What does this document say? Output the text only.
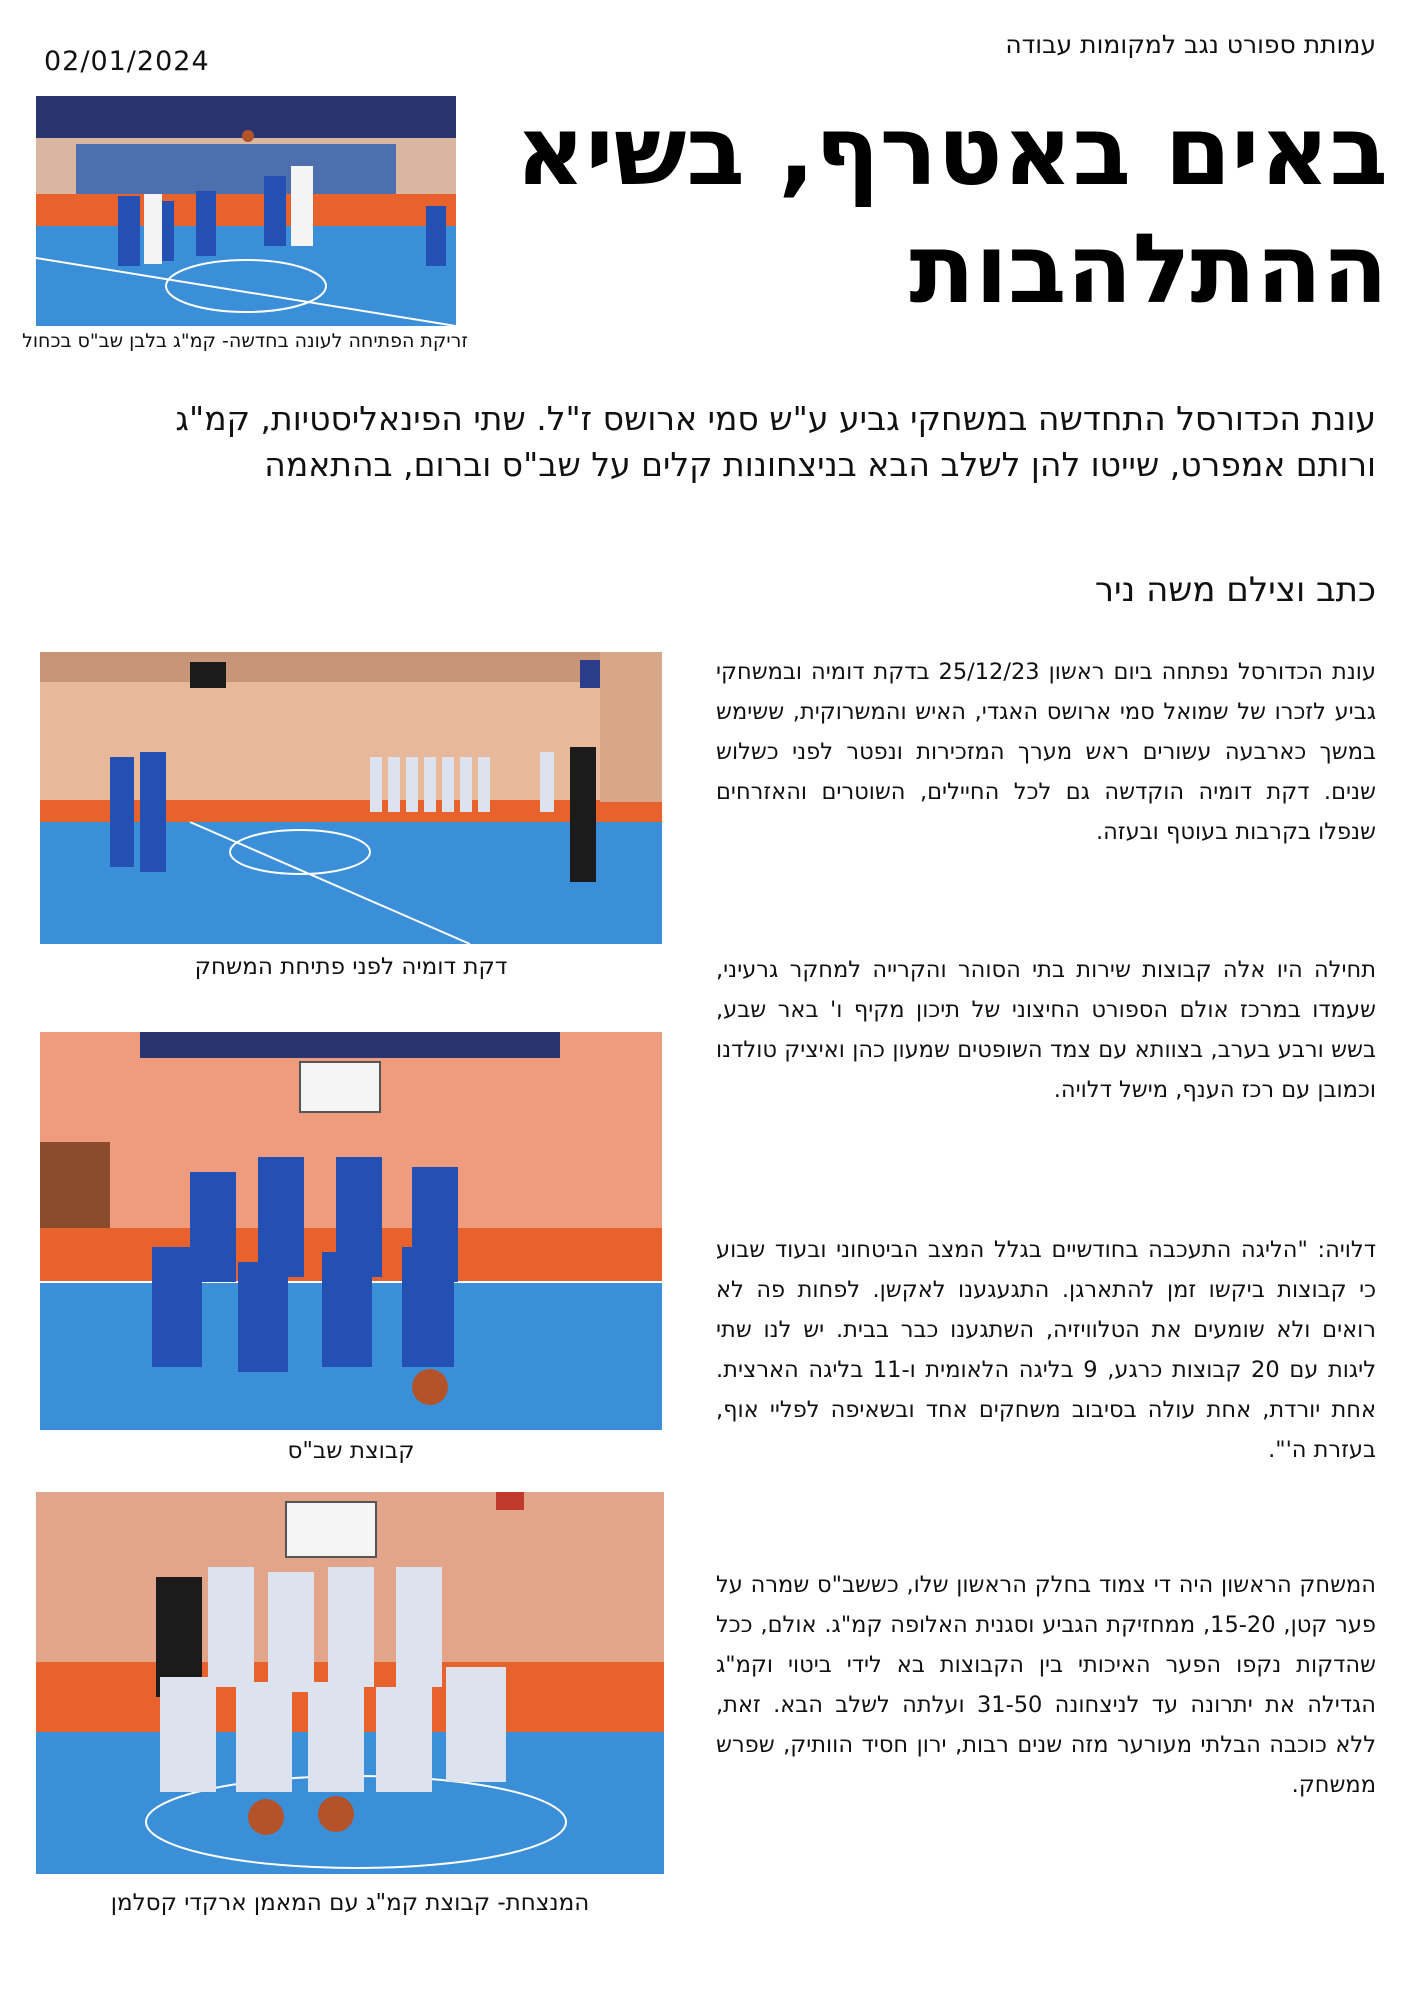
02/01/2024
עמותת ספורט נגב למקומות עבודה
באים באטרף, בשיא ההתלהבות
זריקת הפתיחה לעונה בחדשה- קמ"ג בלבן שב"ס בכחול
עונת הכדורסל התחדשה במשחקי גביע ע"ש סמי ארושס ז"ל. שתי הפינאליסטיות, קמ"ג ורותם אמפרט, שייטו להן לשלב הבא בניצחונות קלים על שב"ס וברום, בהתאמה
כתב וצילם משה ניר
דקת דומיה לפני פתיחת המשחק
קבוצת שב"ס
המנצחת- קבוצת קמ"ג עם המאמן ארקדי קסלמן
עונת הכדורסל נפתחה ביום ראשון 25/12/23 בדקת דומיה ובמשחקי גביע לזכרו של שמואל סמי ארושס האגדי, האיש והמשרוקית, ששימש במשך כארבעה עשורים ראש מערך המזכירות ונפטר לפני כשלוש שנים. דקת דומיה הוקדשה גם לכל החיילים, השוטרים והאזרחים שנפלו בקרבות בעוטף ובעזה.
תחילה היו אלה קבוצות שירות בתי הסוהר והקרייה למחקר גרעיני, שעמדו במרכז אולם הספורט החיצוני של תיכון מקיף ו' באר שבע, בשש ורבע בערב, בצוותא עם צמד השופטים שמעון כהן ואיציק טולדנו וכמובן עם רכז הענף, מישל דלויה.
דלויה: "הליגה התעכבה בחודשיים בגלל המצב הביטחוני ובעוד שבוע כי קבוצות ביקשו זמן להתארגן. התגעגענו לאקשן. לפחות פה לא רואים ולא שומעים את הטלוויזיה, השתגענו כבר בבית. יש לנו שתי ליגות עם 20 קבוצות כרגע, 9 בליגה הלאומית ו-11 בליגה הארצית. אחת יורדת, אחת עולה בסיבוב משחקים אחד ובשאיפה לפליי אוף, בעזרת ה'".
המשחק הראשון היה די צמוד בחלק הראשון שלו, כששב"ס שמרה על פער קטן, 15-20, ממחזיקת הגביע וסגנית האלופה קמ"ג. אולם, ככל שהדקות נקפו הפער האיכותי בין הקבוצות בא לידי ביטוי וקמ"ג הגדילה את יתרונה עד לניצחונה 31-50 ועלתה לשלב הבא. זאת, ללא כוכבה הבלתי מעורער מזה שנים רבות, ירון חסיד הוותיק, שפרש ממשחק.
